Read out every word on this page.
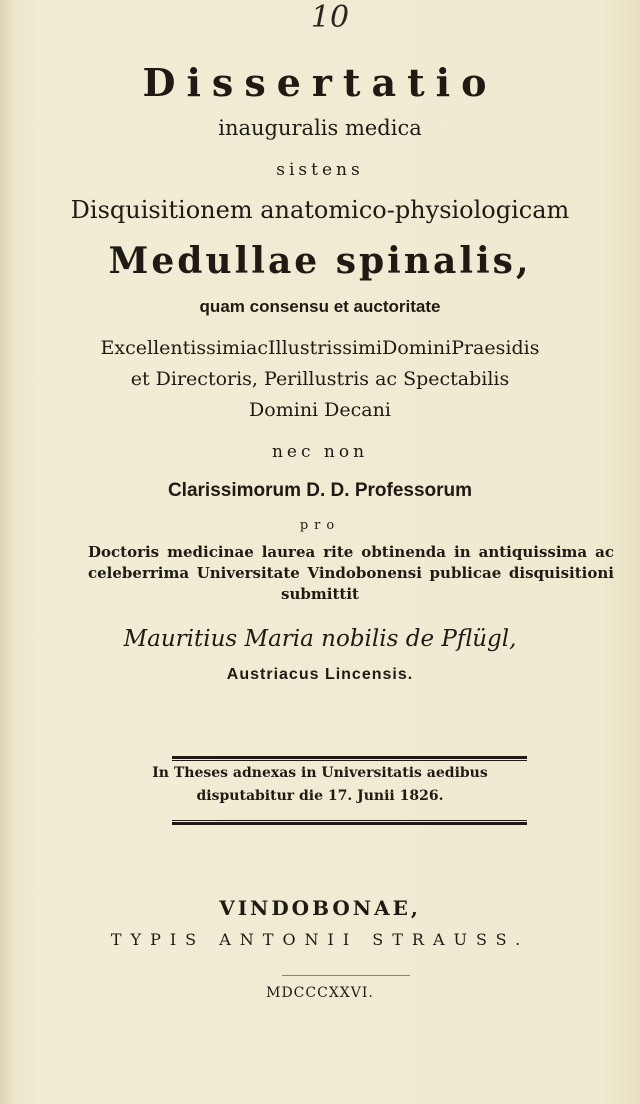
10
Dissertatio
inauguralis medica
sistens
Disquisitionem anatomico-physiologicam
Medullae spinalis,
quam consensu et auctoritate
ExcellentissimiacIllustrissimiDominiPraesidis
et Directoris, Perillustris ac Spectabilis
Domini Decani
nec non
Clarissimorum D. D. Professorum
pro
Doctoris medicinae laurea rite obtinenda in antiquissima ac
celeberrima Universitate Vindobonensi publicae disquisitioni
submittit
Mauritius Maria nobilis de Pflügl,
Austriacus Lincensis.
In Theses adnexas in Universitatis aedibus
disputabitur die 17. Junii 1826.
VINDOBONAE,
TYPIS ANTONII STRAUSS.
MDCCCXXVI.
